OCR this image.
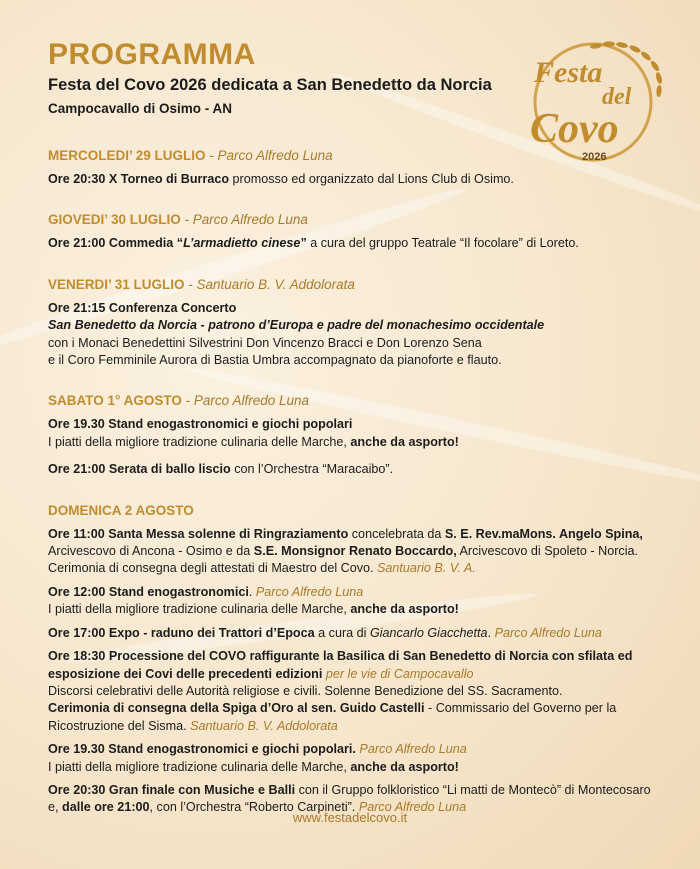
Festa
del
Covo
2026
PROGRAMMA
Festa del Covo 2026 dedicata a San Benedetto da Norcia
Campocavallo di Osimo - AN
MERCOLEDI’ 29 LUGLIO - Parco Alfredo Luna
Ore 20:30 X Torneo di Burraco promosso ed organizzato dal Lions Club di Osimo.
GIOVEDI’ 30 LUGLIO - Parco Alfredo Luna
Ore 21:00 Commedia “L’armadietto cinese” a cura del gruppo Teatrale “Il focolare” di Loreto.
VENERDI’ 31 LUGLIO - Santuario B. V. Addolorata
Ore 21:15 Conferenza Concerto
San Benedetto da Norcia - patrono d’Europa e padre del monachesimo occidentale
con i Monaci Benedettini Silvestrini Don Vincenzo Bracci e Don Lorenzo Sena
e il Coro Femminile Aurora di Bastia Umbra accompagnato da pianoforte e flauto.
SABATO 1° AGOSTO - Parco Alfredo Luna
Ore 19.30 Stand enogastronomici e giochi popolari
I piatti della migliore tradizione culinaria delle Marche, anche da asporto!
Ore 21:00 Serata di ballo liscio con l’Orchestra “Maracaibo”.
DOMENICA 2 AGOSTO
Ore 11:00 Santa Messa solenne di Ringraziamento concelebrata da S. E. Rev.maMons. Angelo Spina, Arcivescovo di Ancona - Osimo e da S.E. Monsignor Renato Boccardo, Arcivescovo di Spoleto - Norcia. Cerimonia di consegna degli attestati di Maestro del Covo. Santuario B. V. A.
Ore 12:00 Stand enogastronomici. Parco Alfredo Luna
I piatti della migliore tradizione culinaria delle Marche, anche da asporto!
Ore 17:00 Expo - raduno dei Trattori d’Epoca a cura di Giancarlo Giacchetta. Parco Alfredo Luna
Ore 18:30 Processione del COVO raffigurante la Basilica di San Benedetto di Norcia con sfilata ed esposizione dei Covi delle precedenti edizioni per le vie di Campocavallo
Discorsi celebrativi delle Autorità religiose e civili. Solenne Benedizione del SS. Sacramento.
Cerimonia di consegna della Spiga d’Oro al sen. Guido Castelli - Commissario del Governo per la Ricostruzione del Sisma. Santuario B. V. Addolorata
Ore 19.30 Stand enogastronomici e giochi popolari. Parco Alfredo Luna
I piatti della migliore tradizione culinaria delle Marche, anche da asporto!
Ore 20:30 Gran finale con Musiche e Balli con il Gruppo folkloristico “Li matti de Montecò” di Montecosaro e, dalle ore 21:00, con l’Orchestra “Roberto Carpineti”. Parco Alfredo Luna
www.festadelcovo.it
